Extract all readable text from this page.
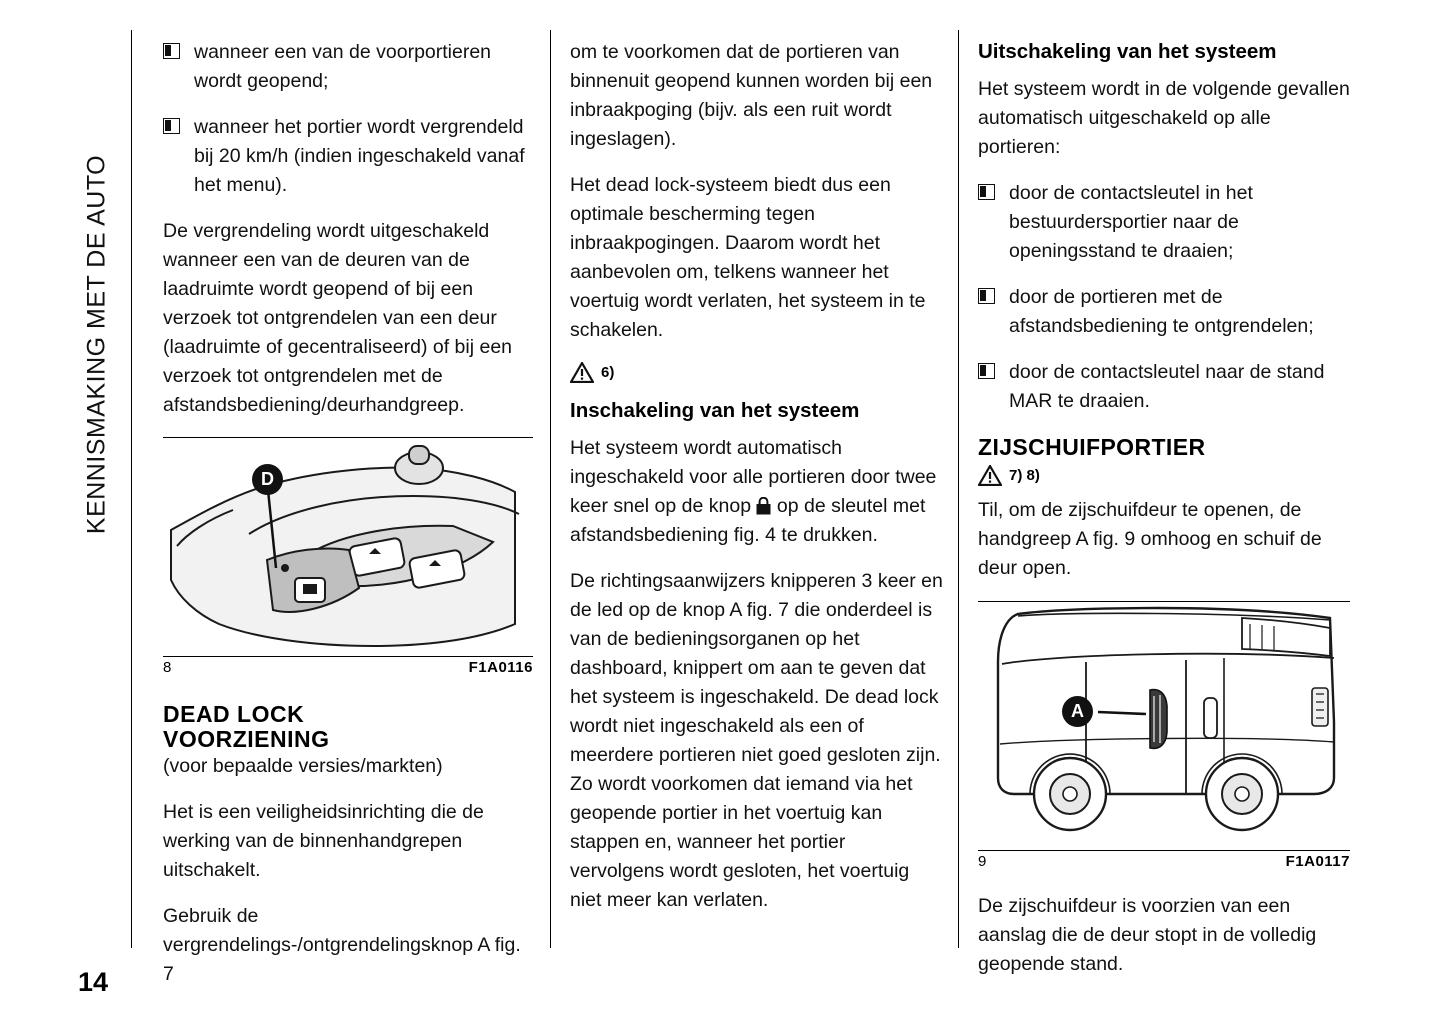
KENNISMAKING MET DE AUTO

wanneer een van de voorportieren wordt geopend;

wanneer het portier wordt vergrendeld bij 20 km/h (indien ingeschakeld vanaf het menu).

De vergrendeling wordt uitgeschakeld wanneer een van de deuren van de laadruimte wordt geopend of bij een verzoek tot ontgrendelen van een deur (laadruimte of gecentraliseerd) of bij een verzoek tot ontgrendelen met de afstandsbediening/deurhandgreep.

D
8	F1A0116
DEAD LOCK
VOORZIENING

(voor bepaalde versies/markten)

Het is een veiligheidsinrichting die de werking van de binnenhandgrepen uitschakelt.

Gebruik de vergrendelings-/ontgrendelingsknop A fig. 7

om te voorkomen dat de portieren van binnenuit geopend kunnen worden bij een inbraakpoging (bijv. als een ruit wordt ingeslagen).

Het dead lock-systeem biedt dus een optimale bescherming tegen inbraakpogingen. Daarom wordt het aanbevolen om, telkens wanneer het voertuig wordt verlaten, het systeem in te schakelen.

6)
Inschakeling van het systeem

Het systeem wordt automatisch ingeschakeld voor alle portieren door twee keer snel op de knop op de sleutel met afstandsbediening fig. 4 te drukken.

De richtingsaanwijzers knipperen 3 keer en de led op de knop A fig. 7 die onderdeel is van de bedieningsorganen op het dashboard, knippert om aan te geven dat het systeem is ingeschakeld. De dead lock wordt niet ingeschakeld als een of meerdere portieren niet goed gesloten zijn. Zo wordt voorkomen dat iemand via het geopende portier in het voertuig kan stappen en, wanneer het portier vervolgens wordt gesloten, het voertuig niet meer kan verlaten.

Uitschakeling van het systeem

Het systeem wordt in de volgende gevallen automatisch uitgeschakeld op alle portieren:

door de contactsleutel in het bestuurdersportier naar de openingsstand te draaien;

door de portieren met de afstandsbediening te ontgrendelen;

door de contactsleutel naar de stand MAR te draaien.

ZIJSCHUIFPORTIER
7) 8)

Til, om de zijschuifdeur te openen, de handgreep A fig. 9 omhoog en schuif de deur open.

A
9	F1A0117

De zijschuifdeur is voorzien van een aanslag die de deur stopt in de volledig geopende stand.

14
